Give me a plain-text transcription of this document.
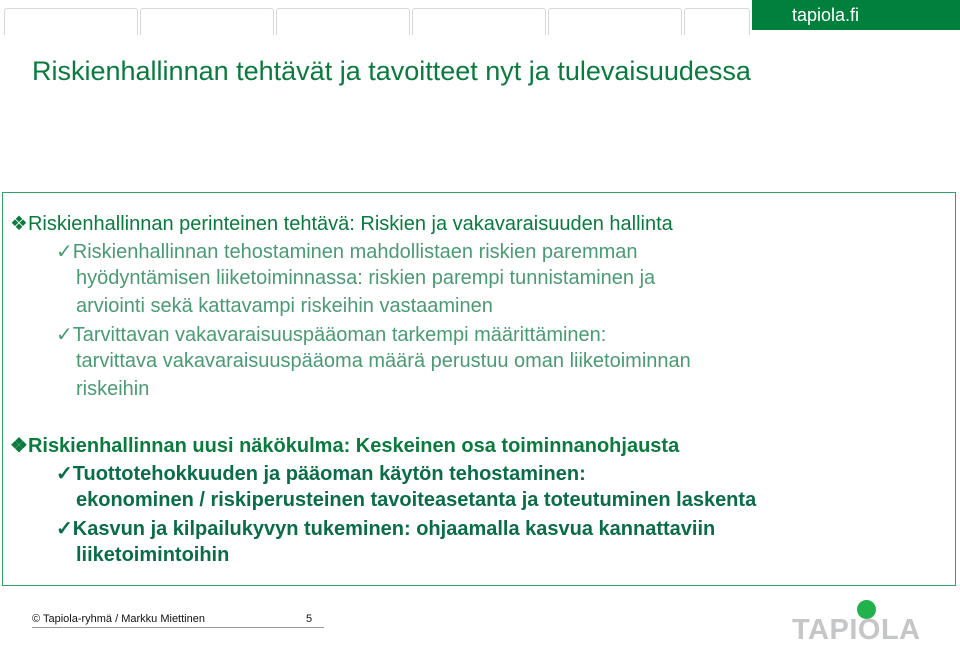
tapiola.fi
Riskienhallinnan tehtävät ja tavoitteet nyt ja tulevaisuudessa
❖Riskienhallinnan perinteinen tehtävä: Riskien ja vakavaraisuuden hallinta
✓Riskienhallinnan tehostaminen mahdollistaen riskien paremman
hyödyntämisen liiketoiminnassa: riskien parempi tunnistaminen ja
arviointi sekä kattavampi riskeihin vastaaminen
✓Tarvittavan vakavaraisuuspääoman tarkempi määrittäminen:
tarvittava vakavaraisuuspääoma määrä perustuu oman liiketoiminnan
riskeihin
❖Riskienhallinnan uusi näkökulma: Keskeinen osa toiminnanohjausta
✓Tuottotehokkuuden ja pääoman käytön tehostaminen:
ekonominen / riskiperusteinen tavoiteasetanta ja toteutuminen laskenta
✓Kasvun ja kilpailukyvyn tukeminen: ohjaamalla kasvua kannattaviin
liiketoimintoihin
© Tapiola-ryhmä / Markku Miettinen	5	TAPIOLA
